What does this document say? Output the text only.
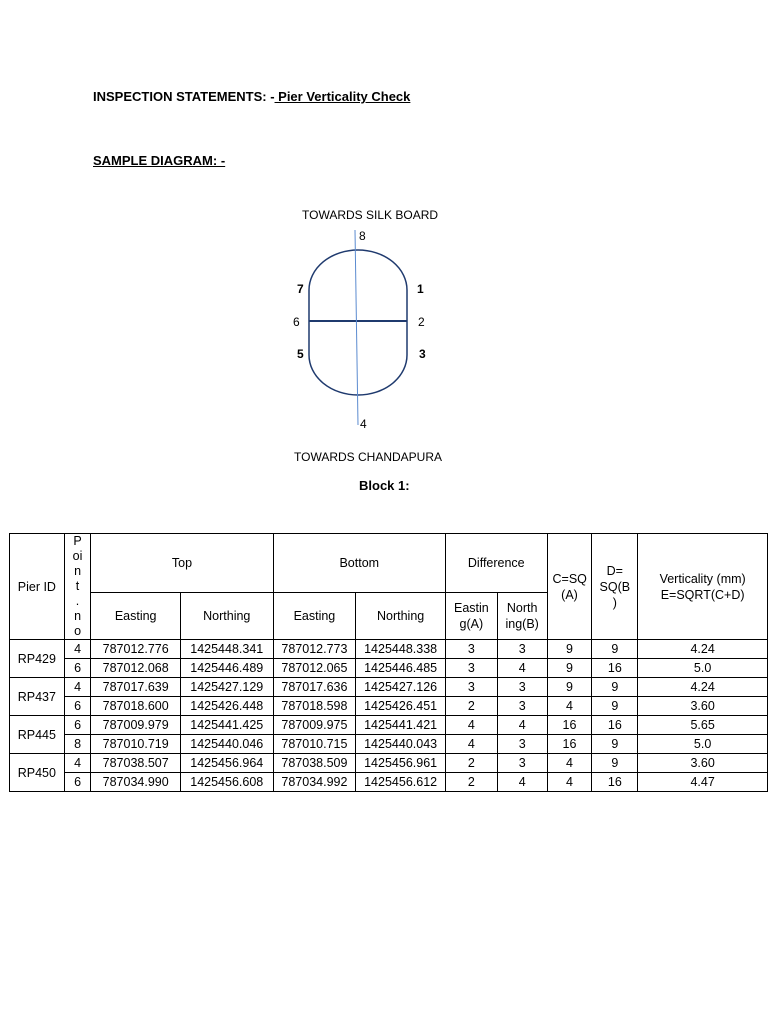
INSPECTION STATEMENTS: - Pier Verticality Check
SAMPLE DIAGRAM: -
TOWARDS SILK BOARD
8
7	1
6	2
5	3
4
TOWARDS CHANDAPURA
Block 1:
Pier ID	P oi nt . n o	Top		Bottom		Difference		C=SQ (A)	D= SQ(B )	Verticality (mm) E=SQRT(C+D)

		Easting	Northing	Easting	Northing	Eastin g(A)	North ing(B)			

RP429	4	787012.776	1425448.341	787012.773	1425448.338	3	3	9	9	4.24
	6	787012.068	1425446.489	787012.065	1425446.485	3	4	9	16	5.0
RP437	4	787017.639	1425427.129	787017.636	1425427.126	3	3	9	9	4.24
	6	787018.600	1425426.448	787018.598	1425426.451	2	3	4	9	3.60
RP445	6	787009.979	1425441.425	787009.975	1425441.421	4	4	16	16	5.65
	8	787010.719	1425440.046	787010.715	1425440.043	4	3	16	9	5.0
RP450	4	787038.507	1425456.964	787038.509	1425456.961	2	3	4	9	3.60
	6	787034.990	1425456.608	787034.992	1425456.612	2	4	4	16	4.47
